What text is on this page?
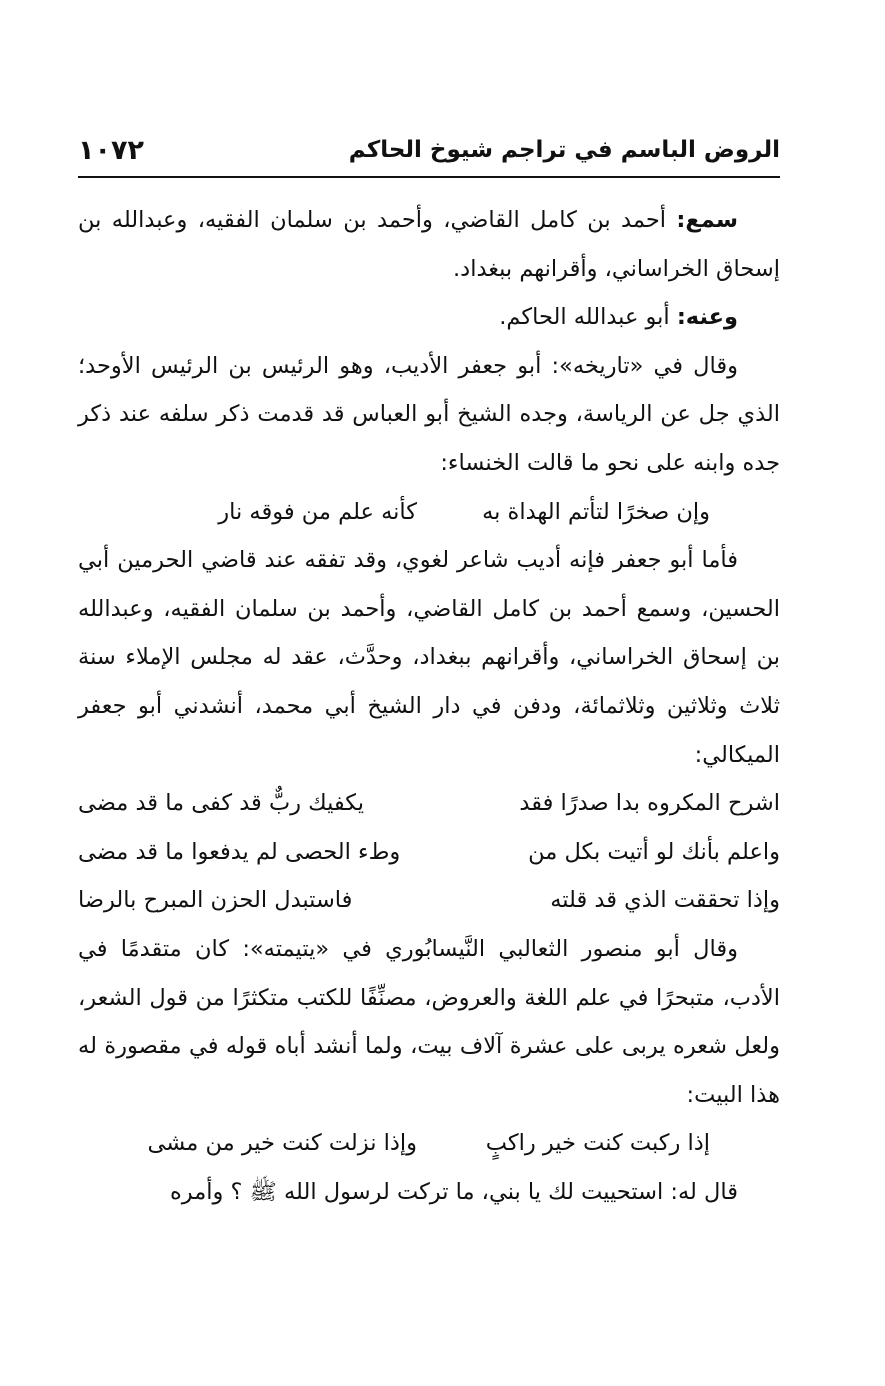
الروض الباسم في تراجم شيوخ الحاكم
١٠٧٢

سمع: أحمد بن كامل القاضي، وأحمد بن سلمان الفقيه، وعبدالله بن إسحاق الخراساني، وأقرانهم ببغداد.

وعنه: أبو عبدالله الحاكم.

وقال في «تاريخه»: أبو جعفر الأديب، وهو الرئيس بن الرئيس الأوحد؛ الذي جل عن الرياسة، وجده الشيخ أبو العباس قد قدمت ذكر سلفه عند ذكر جده وابنه على نحو ما قالت الخنساء:

وإن صخرًا لتأتم الهداة به
كأنه علم من فوقه نار

فأما أبو جعفر فإنه أديب شاعر لغوي، وقد تفقه عند قاضي الحرمين أبي الحسين، وسمع أحمد بن كامل القاضي، وأحمد بن سلمان الفقيه، وعبدالله بن إسحاق الخراساني، وأقرانهم ببغداد، وحدَّث، عقد له مجلس الإملاء سنة ثلاث وثلاثين وثلاثمائة، ودفن في دار الشيخ أبي محمد، أنشدني أبو جعفر الميكالي:

اشرح المكروه بدا صدرًا فقد
يكفيك ربٌّ قد كفى ما قد مضى
واعلم بأنك لو أتيت بكل من
وطء الحصى لم يدفعوا ما قد مضى
وإذا تحققت الذي قد قلته
فاستبدل الحزن المبرح بالرضا

وقال أبو منصور الثعالبي النَّيسابُوري في «يتيمته»: كان متقدمًا في الأدب، متبحرًا في علم اللغة والعروض، مصنِّفًا للكتب متكثرًا من قول الشعر، ولعل شعره يربى على عشرة آلاف بيت، ولما أنشد أباه قوله في مقصورة له هذا البيت:

إذا ركبت كنت خير راكبٍ
وإذا نزلت كنت خير من مشى

قال له: استحييت لك يا بني، ما تركت لرسول الله ﷺ ؟ وأمره
